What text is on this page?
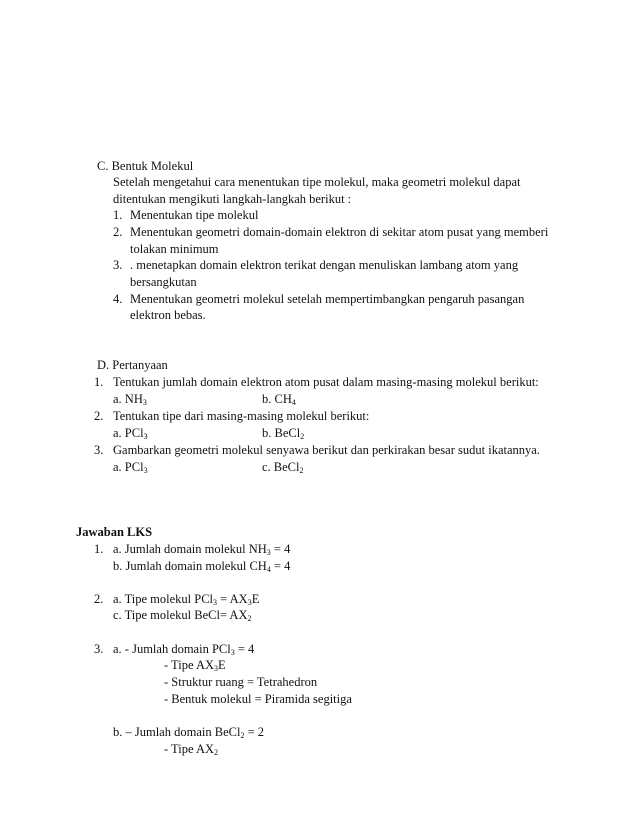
C. Bentuk Molekul
Setelah mengetahui cara menentukan tipe molekul, maka geometri molekul dapat
ditentukan mengikuti langkah-langkah berikut :
1. Menentukan tipe molekul
2. Menentukan geometri domain-domain elektron di sekitar atom pusat yang memberi
tolakan minimum
3. . menetapkan domain elektron terikat dengan menuliskan lambang atom yang
bersangkutan
4. Menentukan geometri molekul setelah mempertimbangkan pengaruh pasangan
elektron bebas.
D. Pertanyaan
1. Tentukan jumlah domain elektron atom pusat dalam masing-masing molekul berikut:
a. $NH_3$	b. $CH_4$
2. Tentukan tipe dari masing-masing molekul berikut:
a. PCl$_3$	b. BeCl$_2$
3. Gambarkan geometri molekul senyawa berikut dan perkirakan besar sudut ikatannya.
a. PCl$_3$	c. BeCl$_2$
Jawaban LKS
1. a. Jumlah domain molekul $NH_3 = 4$
b. Jumlah domain molekul $CH_4 = 4$
2. a. Tipe molekul $PCl_3 = AX_3E$
c. Tipe molekul BeCl= $AX_2$
3. a. - Jumlah domain PCl$_3$ = 4
- Tipe $AX_3E$
- Struktur ruang = Tetrahedron
- Bentuk molekul = Piramida segitiga
b. – Jumlah domain BeCl$_2$ = 2
- Tipe $AX_2$
